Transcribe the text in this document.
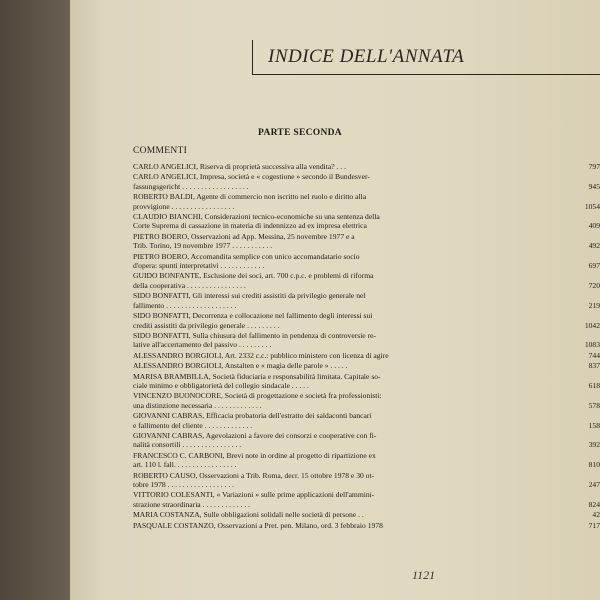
INDICE DELL'ANNATA
PARTE SECONDA
COMMENTI
CARLO ANGELICI, Riserva di proprietà successiva alla vendita? . . .	797
CARLO ANGELICI, Impresa, società e « cogestione » secondo il Bundesver-
fassungsgericht . . . . . . . . . . . . . . . . . .	945
ROBERTO BALDI, Agente di commercio non iscritto nel ruolo e diritto alla
provvigione . . . . . . . . . . . . . . . . .	1054
CLAUDIO BIANCHI, Considerazioni tecnico-economiche su una sentenza della
Corte Suprema di cassazione in materia di indennizzo ad ex impresa elettrica	409
PIETRO BOERO, Osservazioni ad App. Messina, 25 novembre 1977 e a
Trib. Torino, 19 novembre 1977 . . . . . . . . . . .	492
PIETRO BOERO, Accomandita semplice con unico accomandatario socio
d'opera: spunti interpretativi . . . . . . . . . . . .	697
GUIDO BONFANTE, Esclusione dei soci, art. 700 c.p.c. e problemi di riforma
della cooperativa . . . . . . . . . . . . . . . .	720
SIDO BONFATTI, Gli interessi sui crediti assistiti da privilegio generale nel
fallimento . . . . . . . . . . . . . . . . . . .	219
SIDO BONFATTI, Decorrenza e collocazione nel fallimento degli interessi sui
crediti assistiti da privilegio generale . . . . . . . . .	1042
SIDO BONFATTI, Sulla chiusura del fallimento in pendenza di controversie re-
lative all'accertamento del passivo . . . . . . . . .	1083
ALESSANDRO BORGIOLI, Art. 2332 c.c.: pubblico ministero con licenza di agire	744
ALESSANDRO BORGIOLI, Anstalten e « magia delle parole » . . . . .	837
MARISA BRAMBILLA, Società fiduciaria e responsabilità limitata. Capitale so-
ciale minimo e obbligatorietà del collegio sindacale . . . . .	618
VINCENZO BUONOCORE, Società di progettazione e società fra professionisti:
una distinzione necessaria . . . . . . . . . . . . .	578
GIOVANNI CABRAS, Efficacia probatoria dell'estratto dei saldaconti bancari
e fallimento del cliente . . . . . . . . . . . . .	158
GIOVANNI CABRAS, Agevolazioni a favore dei consorzi e cooperative con fi-
nalità consortili . . . . . . . . . . . . . . . .	392
FRANCESCO C. CARBONI, Brevi note in ordine al progetto di ripartizione ex
art. 110 l. fall. . . . . . . . . . . . . . . . .	810
ROBERTO CAUSO, Osservazioni a Trib. Roma, decr. 15 ottobre 1978 e 30 ot-
tobre 1978 . . . . . . . . . . . . . . . . . .	247
VITTORIO COLESANTI, « Variazioni » sulle prime applicazioni dell'ammini-
strazione straordinaria . . . . . . . . . . . . .	824
MARIA COSTANZA, Sulle obbligazioni solidali nelle società di persone . .	42
PASQUALE COSTANZO, Osservazioni a Pret. pen. Milano, ord. 3 febbraio 1978	717
1121
